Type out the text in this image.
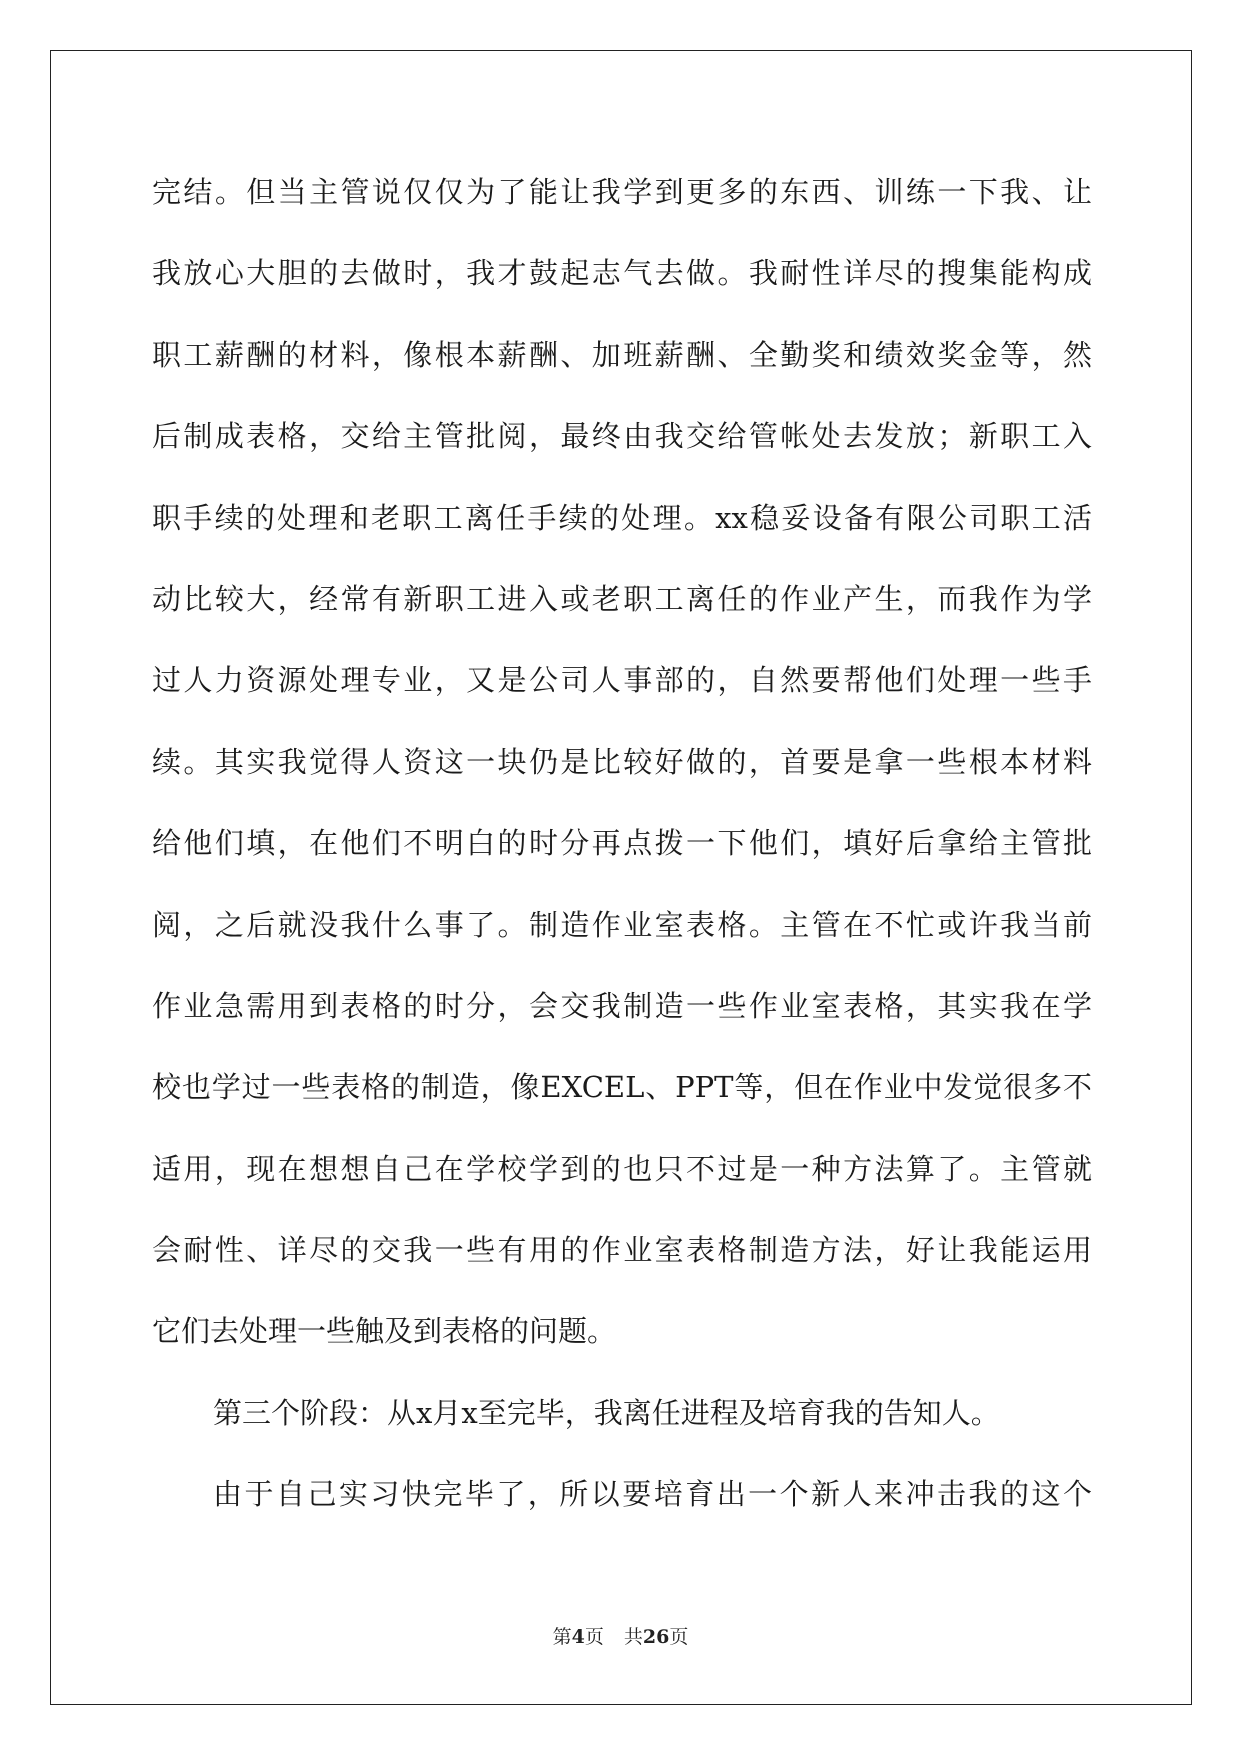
完结。但当主管说仅仅为了能让我学到更多的东西、训练一下我、让
我放心大胆的去做时，我才鼓起志气去做。我耐性详尽的搜集能构成
职工薪酬的材料，像根本薪酬、加班薪酬、全勤奖和绩效奖金等，然
后制成表格，交给主管批阅，最终由我交给管帐处去发放；新职工入
职手续的处理和老职工离任手续的处理。xx稳妥设备有限公司职工活
动比较大，经常有新职工进入或老职工离任的作业产生，而我作为学
过人力资源处理专业，又是公司人事部的，自然要帮他们处理一些手
续。其实我觉得人资这一块仍是比较好做的，首要是拿一些根本材料
给他们填，在他们不明白的时分再点拨一下他们，填好后拿给主管批
阅，之后就没我什么事了。制造作业室表格。主管在不忙或许我当前
作业急需用到表格的时分，会交我制造一些作业室表格，其实我在学
校也学过一些表格的制造，像EXCEL、PPT等，但在作业中发觉很多不
适用，现在想想自己在学校学到的也只不过是一种方法算了。主管就
会耐性、详尽的交我一些有用的作业室表格制造方法，好让我能运用
它们去处理一些触及到表格的问题。
第三个阶段：从x月x至完毕，我离任进程及培育我的告知人。
由于自己实习快完毕了，所以要培育出一个新人来冲击我的这个
第4页 共26页
